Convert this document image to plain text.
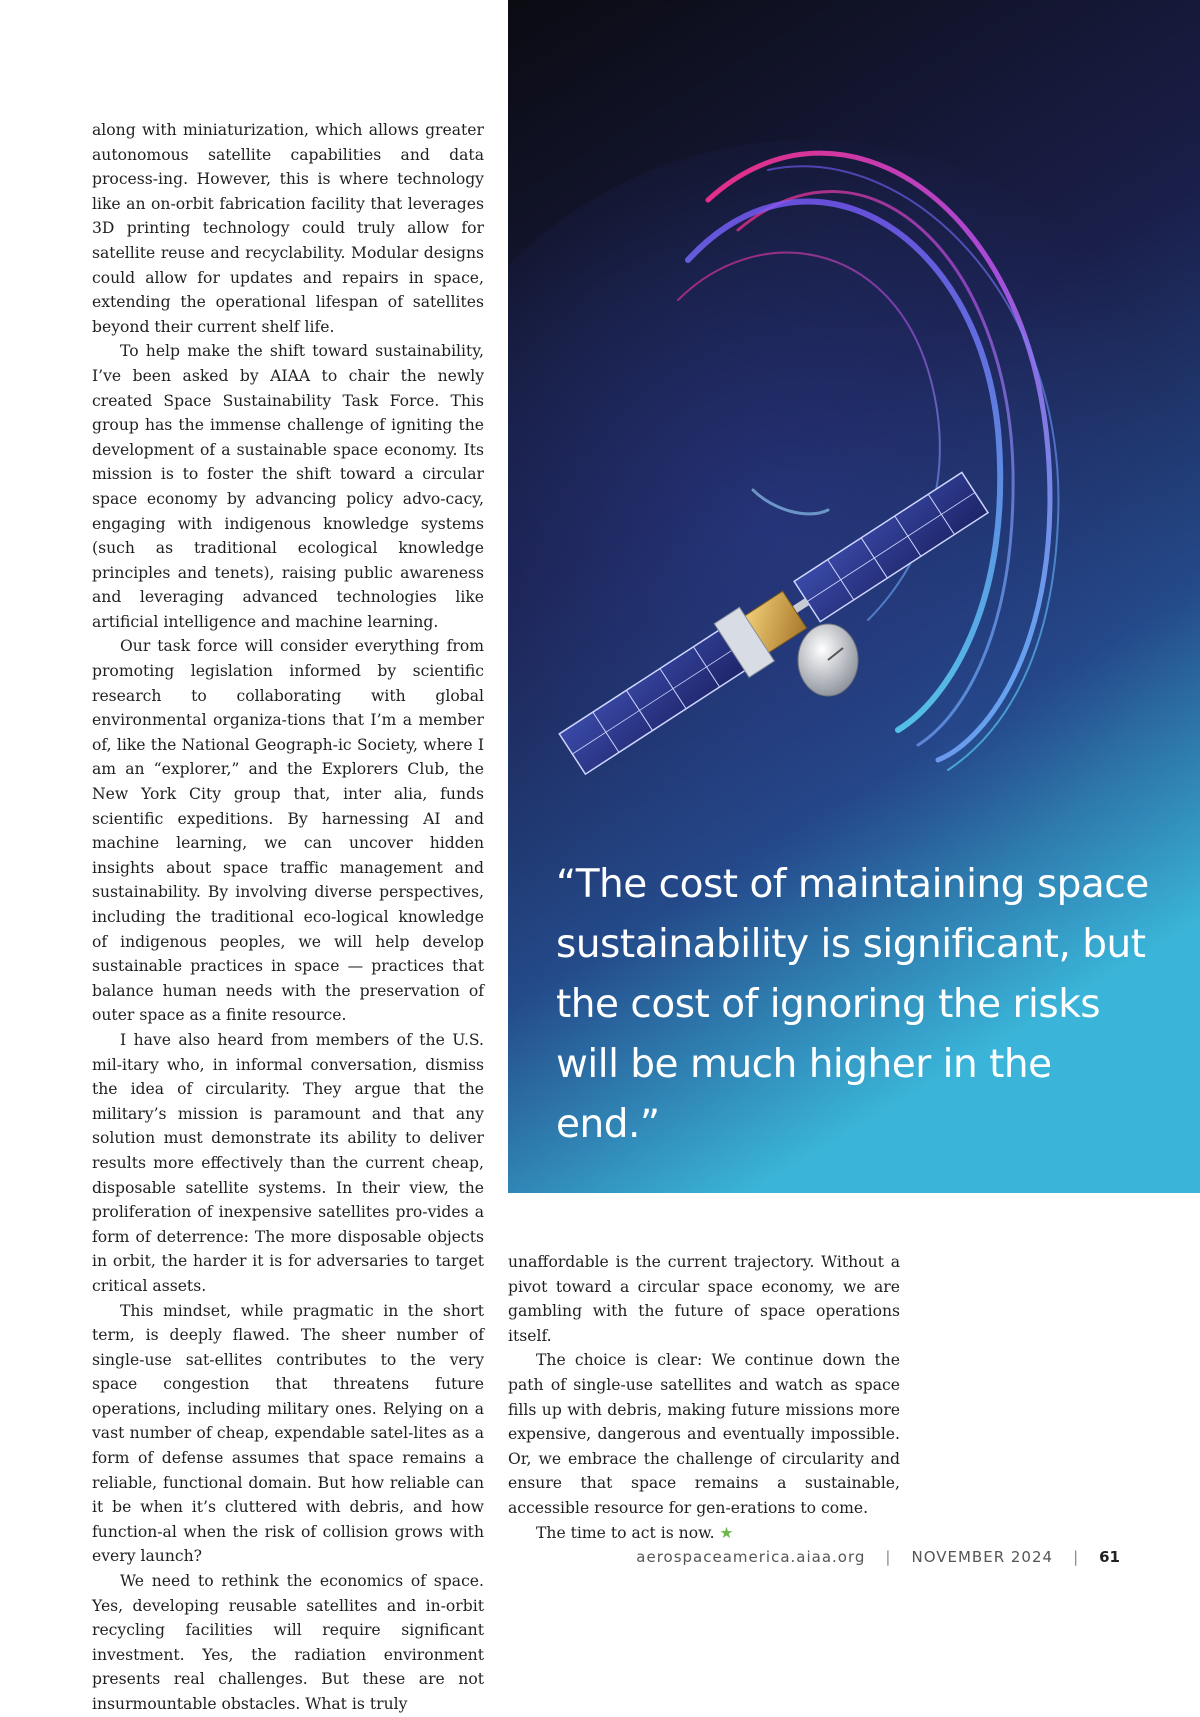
along with miniaturization, which allows greater autonomous satellite capabilities and data process-ing. However, this is where technology like an on-orbit fabrication facility that leverages 3D printing technology could truly allow for satellite reuse and recyclability. Modular designs could allow for updates and repairs in space, extending the operational lifespan of satellites beyond their current shelf life.

To help make the shift toward sustainability, I’ve been asked by AIAA to chair the newly created Space Sustainability Task Force. This group has the immense challenge of igniting the development of a sustainable space economy. Its mission is to foster the shift toward a circular space economy by advancing policy advo-cacy, engaging with indigenous knowledge systems (such as traditional ecological knowledge principles and tenets), raising public awareness and leveraging advanced technologies like artificial intelligence and machine learning.

Our task force will consider everything from promoting legislation informed by scientific research to collaborating with global environmental organiza-tions that I’m a member of, like the National Geograph-ic Society, where I am an “explorer,” and the Explorers Club, the New York City group that, inter alia, funds scientific expeditions. By harnessing AI and machine learning, we can uncover hidden insights about space traffic management and sustainability. By involving diverse perspectives, including the traditional eco-logical knowledge of indigenous peoples, we will help develop sustainable practices in space — practices that balance human needs with the preservation of outer space as a finite resource.

I have also heard from members of the U.S. mil-itary who, in informal conversation, dismiss the idea of circularity. They argue that the military’s mission is paramount and that any solution must demonstrate its ability to deliver results more effectively than the current cheap, disposable satellite systems. In their view, the proliferation of inexpensive satellites pro-vides a form of deterrence: The more disposable objects in orbit, the harder it is for adversaries to target critical assets.

This mindset, while pragmatic in the short term, is deeply flawed. The sheer number of single-use sat-ellites contributes to the very space congestion that threatens future operations, including military ones. Relying on a vast number of cheap, expendable satel-lites as a form of defense assumes that space remains a reliable, functional domain. But how reliable can it be when it’s cluttered with debris, and how function-al when the risk of collision grows with every launch?

We need to rethink the economics of space. Yes, developing reusable satellites and in-orbit recycling facilities will require significant investment. Yes, the radiation environment presents real challenges. But these are not insurmountable obstacles. What is truly

“The cost of maintaining space sustainability is significant, but the cost of ignoring the risks will be much higher in the end.”

unaffordable is the current trajectory. Without a pivot toward a circular space economy, we are gambling with the future of space operations itself.

The choice is clear: We continue down the path of single-use satellites and watch as space fills up with debris, making future missions more expensive, dangerous and eventually impossible. Or, we embrace the challenge of circularity and ensure that space remains a sustainable, accessible resource for gen-erations to come.

The time to act is now. ★

aerospaceamerica.aiaa.org | NOVEMBER 2024 | 61
